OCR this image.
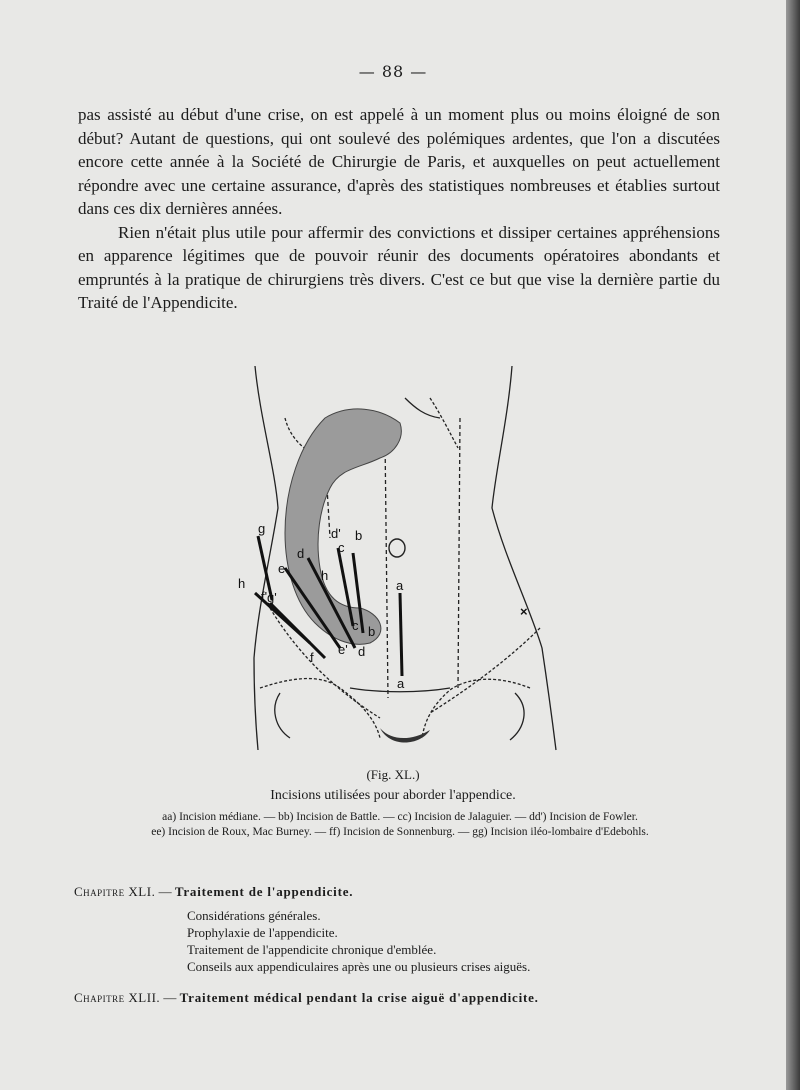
— 88 —

pas assisté au début d'une crise, on est appelé à un moment plus ou moins éloigné de son début? Autant de questions, qui ont soulevé des polémiques ardentes, que l'on a discutées encore cette année à la Société de Chirurgie de Paris, et auxquelles on peut actuellement répondre avec une certaine assurance, d'après des statistiques nombreuses et établies surtout dans ces dix dernières années.

Rien n'était plus utile pour affermir des convictions et dissiper certaines appréhensions en apparence légitimes que de pouvoir réunir des documents opératoires abondants et empruntés à la pratique de chirurgiens très divers. C'est ce but que vise la dernière partie du Traité de l'Appendicite.

a
a
b
b
c
c
d'
d
d
e
e'
f
f'
g
g'
h
h
×
(Fig. XL.)
Incisions utilisées pour aborder l'appendice.
aa) Incision médiane. — bb) Incision de Battle. — cc) Incision de Jalaguier. — dd') Incision de Fowler.
ee) Incision de Roux, Mac Burney. — ff) Incision de Sonnenburg. — gg) Incision iléo-lombaire d'Edebohls.
Chapitre XLI. — Traitement de l'appendicite.
Considérations générales.
Prophylaxie de l'appendicite.
Traitement de l'appendicite chronique d'emblée.
Conseils aux appendiculaires après une ou plusieurs crises aiguës.
Chapitre XLII. — Traitement médical pendant la crise aiguë d'appendicite.
